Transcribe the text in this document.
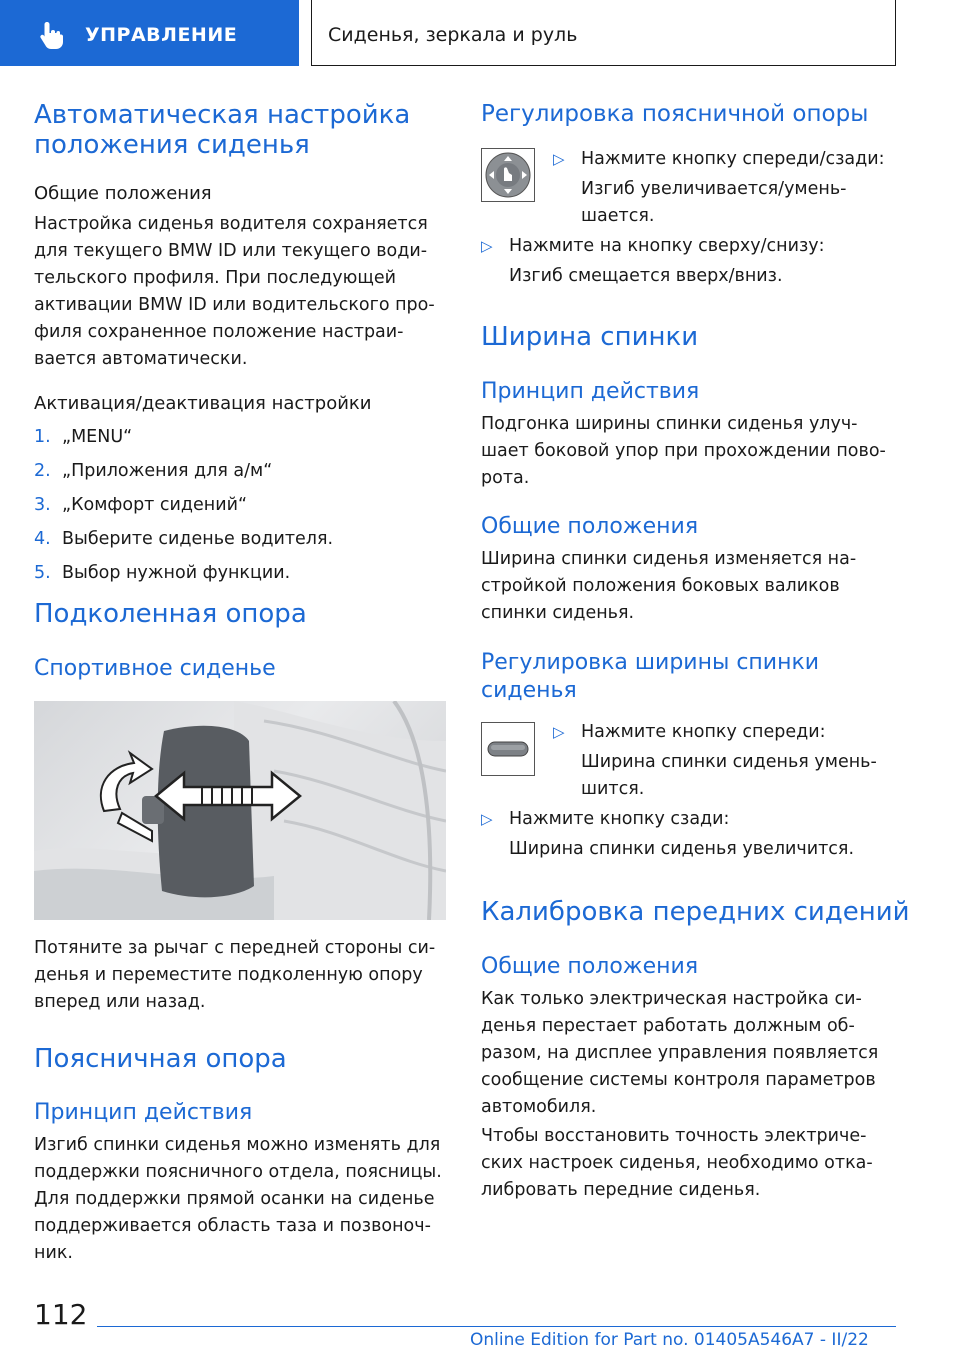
УПРАВЛЕНИЕ	Сиденья, зеркала и руль
Автоматическая настройка
положения сиденья
Общие положения
Настройка сиденья водителя сохраняется
для текущего BMW ID или текущего води-
тельского профиля. При последующей
активации BMW ID или водительского про-
филя сохраненное положение настраи-
вается автоматически.
Активация/деактивация настройки
1. „MENU“
2. „Приложения для а/м“
3. „Комфорт сидений“
4. Выберите сиденье водителя.
5. Выбор нужной функции.
Подколенная опора
Спортивное сиденье
Потяните за рычаг с передней стороны си-
денья и переместите подколенную опору
вперед или назад.
Поясничная опора
Принцип действия
Изгиб спинки сиденья можно изменять для
поддержки поясничного отдела, поясницы.
Для поддержки прямой осанки на сиденье
поддерживается область таза и позвоноч-
ник.
Регулировка поясничной опоры
▷ Нажмите кнопку спереди/сзади:
Изгиб увеличивается/умень-
шается.
▷ Нажмите на кнопку сверху/снизу:
Изгиб смещается вверх/вниз.
Ширина спинки
Принцип действия
Подгонка ширины спинки сиденья улуч-
шает боковой упор при прохождении пово-
рота.
Общие положения
Ширина спинки сиденья изменяется на-
стройкой положения боковых валиков
спинки сиденья.
Регулировка ширины спинки
сиденья
▷ Нажмите кнопку спереди:
Ширина спинки сиденья умень-
шится.
▷ Нажмите кнопку сзади:
Ширина спинки сиденья увеличится.
Калибровка передних сидений
Общие положения
Как только электрическая настройка си-
денья перестает работать должным об-
разом, на дисплее управления появляется
сообщение системы контроля параметров
автомобиля.
Чтобы восстановить точность электриче-
ских настроек сиденья, необходимо отка-
либровать передние сиденья.
112
Online Edition for Part no. 01405A546A7 - II/22
